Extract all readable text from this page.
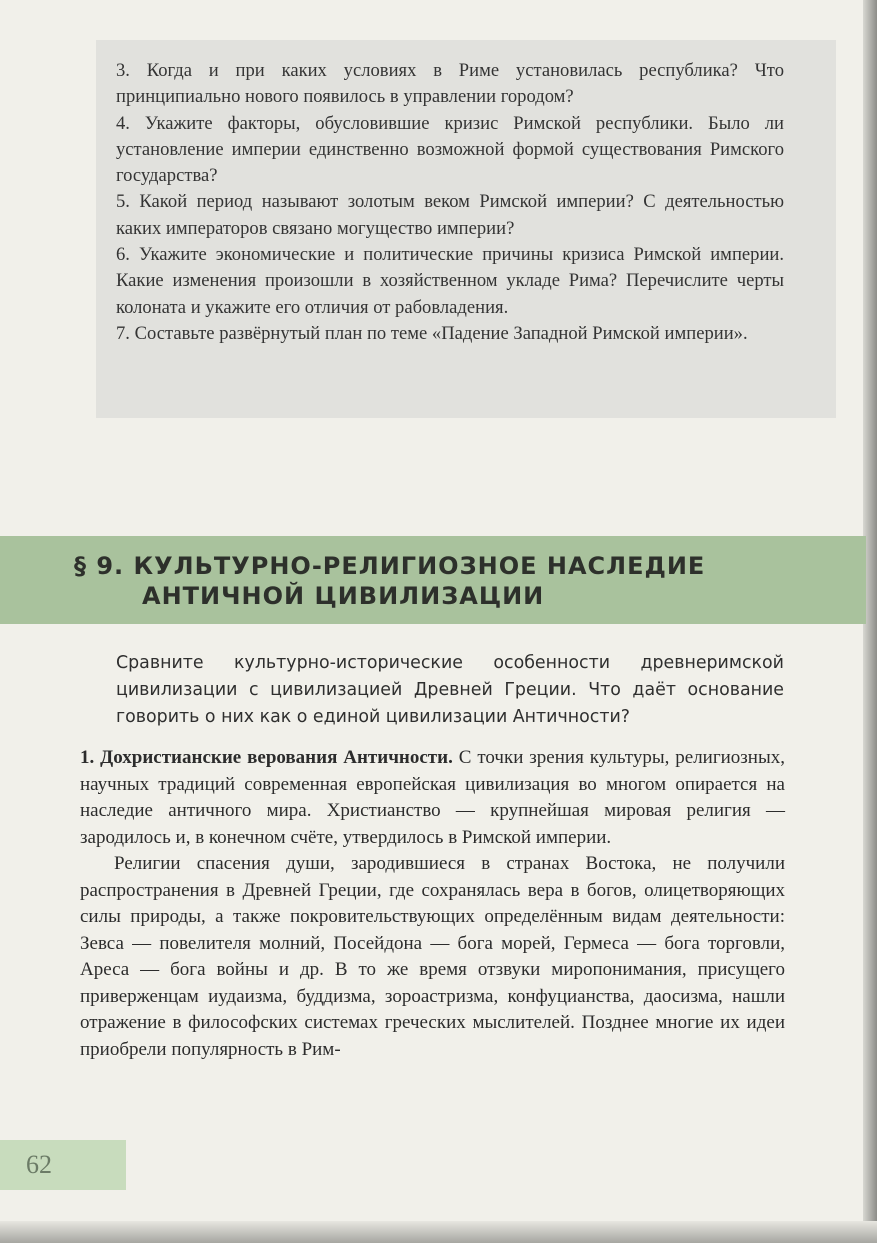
3. Когда и при каких условиях в Риме установилась республика? Что принципиально нового появилось в управлении городом?

4. Укажите факторы, обусловившие кризис Римской республики. Было ли установление империи единственно возможной формой существования Римского государства?

5. Какой период называют золотым веком Римской империи? С деятельностью каких императоров связано могущество империи?

6. Укажите экономические и политические причины кризиса Римской империи. Какие изменения произошли в хозяйственном укладе Рима? Перечислите черты колоната и укажите его отличия от рабовладения.

7. Составьте развёрнутый план по теме «Падение Западной Римской империи».

§ 9. КУЛЬТУРНО-РЕЛИГИОЗНОЕ НАСЛЕДИЕ
АНТИЧНОЙ ЦИВИЛИЗАЦИИ
Сравните культурно-исторические особенности древнеримской цивилизации с цивилизацией Древней Греции. Что даёт основание говорить о них как о единой цивилизации Античности?

1. Дохристианские верования Античности. С точки зрения культуры, религиозных, научных традиций современная европейская цивилизация во многом опирается на наследие античного мира. Христианство — крупнейшая мировая религия — зародилось и, в конечном счёте, утвердилось в Римской империи.

Религии спасения души, зародившиеся в странах Востока, не получили распространения в Древней Греции, где сохранялась вера в богов, олицетворяющих силы природы, а также покровительствующих определённым видам деятельности: Зевса — повелителя молний, Посейдона — бога морей, Гермеса — бога торговли, Ареса — бога войны и др. В то же время отзвуки миропонимания, присущего приверженцам иудаизма, буддизма, зороастризма, конфуцианства, даосизма, нашли отражение в философских системах греческих мыслителей. Позднее многие их идеи приобрели популярность в Рим-

62
